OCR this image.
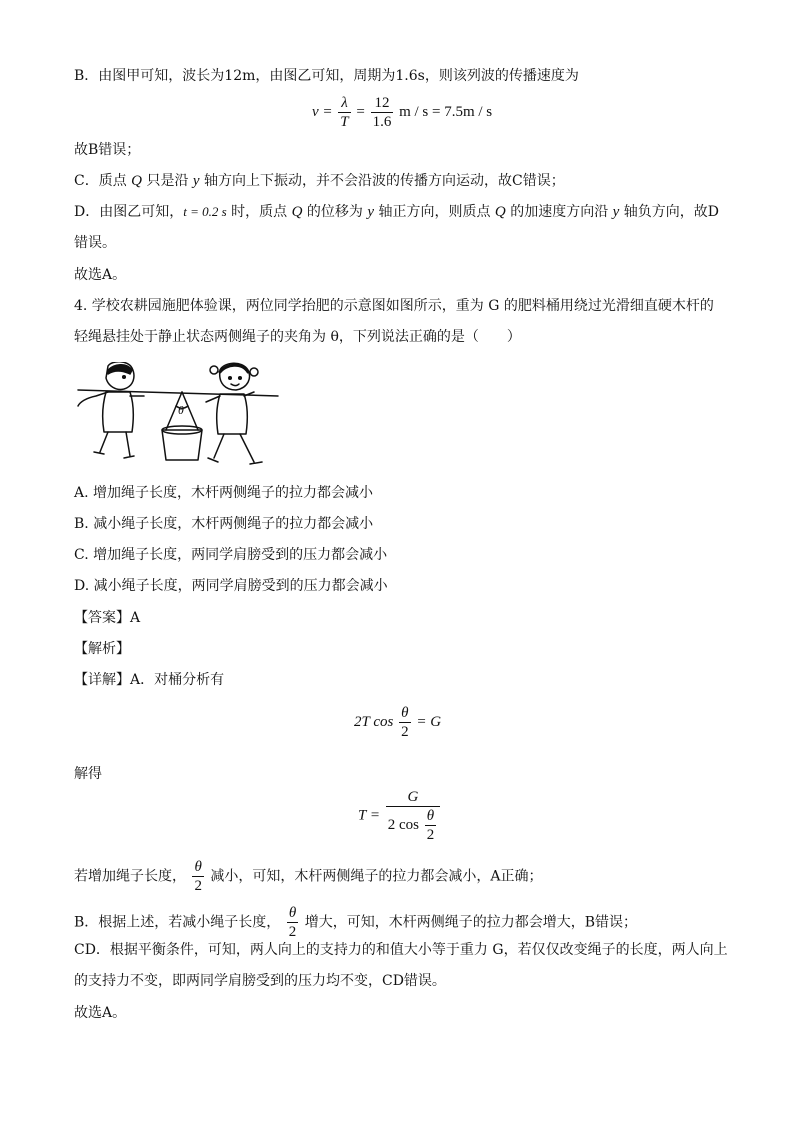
B．由图甲可知，波长为12m，由图乙可知，周期为1.6s，则该列波的传播速度为
$v = \frac{\lambda}{T} = \frac{12}{1.6}$ m / s = 7.5m / s
故B错误；
C．质点 Q 只是沿 y 轴方向上下振动，并不会沿波的传播方向运动，故C错误；
D．由图乙可知，t = 0.2 s 时，质点 Q 的位移为 y 轴正方向，则质点 Q 的加速度方向沿 y 轴负方向，故D
错误。
故选A。
4. 学校农耕园施肥体验课，两位同学抬肥的示意图如图所示，重为 G 的肥料桶用绕过光滑细直硬木杆的
轻绳悬挂处于静止状态两侧绳子的夹角为 θ，下列说法正确的是（　　）
θ
A. 增加绳子长度，木杆两侧绳子的拉力都会减小
B. 减小绳子长度，木杆两侧绳子的拉力都会减小
C. 增加绳子长度，两同学肩膀受到的压力都会减小
D. 减小绳子长度，两同学肩膀受到的压力都会减小
【答案】A
【解析】
【详解】A．对桶分析有
2T $\cos \frac{\theta}{2} = G$
解得
$T = \frac{G}{2 \cos \frac{\theta}{2}}$
若增加绳子长度， $\frac{\theta}{2}$ 减小，可知，木杆两侧绳子的拉力都会减小，A正确；
B．根据上述，若减小绳子长度， $\frac{\theta}{2}$ 增大，可知，木杆两侧绳子的拉力都会增大，B错误；
CD．根据平衡条件，可知，两人向上的支持力的和值大小等于重力 G，若仅仅改变绳子的长度，两人向上
的支持力不变，即两同学肩膀受到的压力均不变，CD错误。
故选A。
